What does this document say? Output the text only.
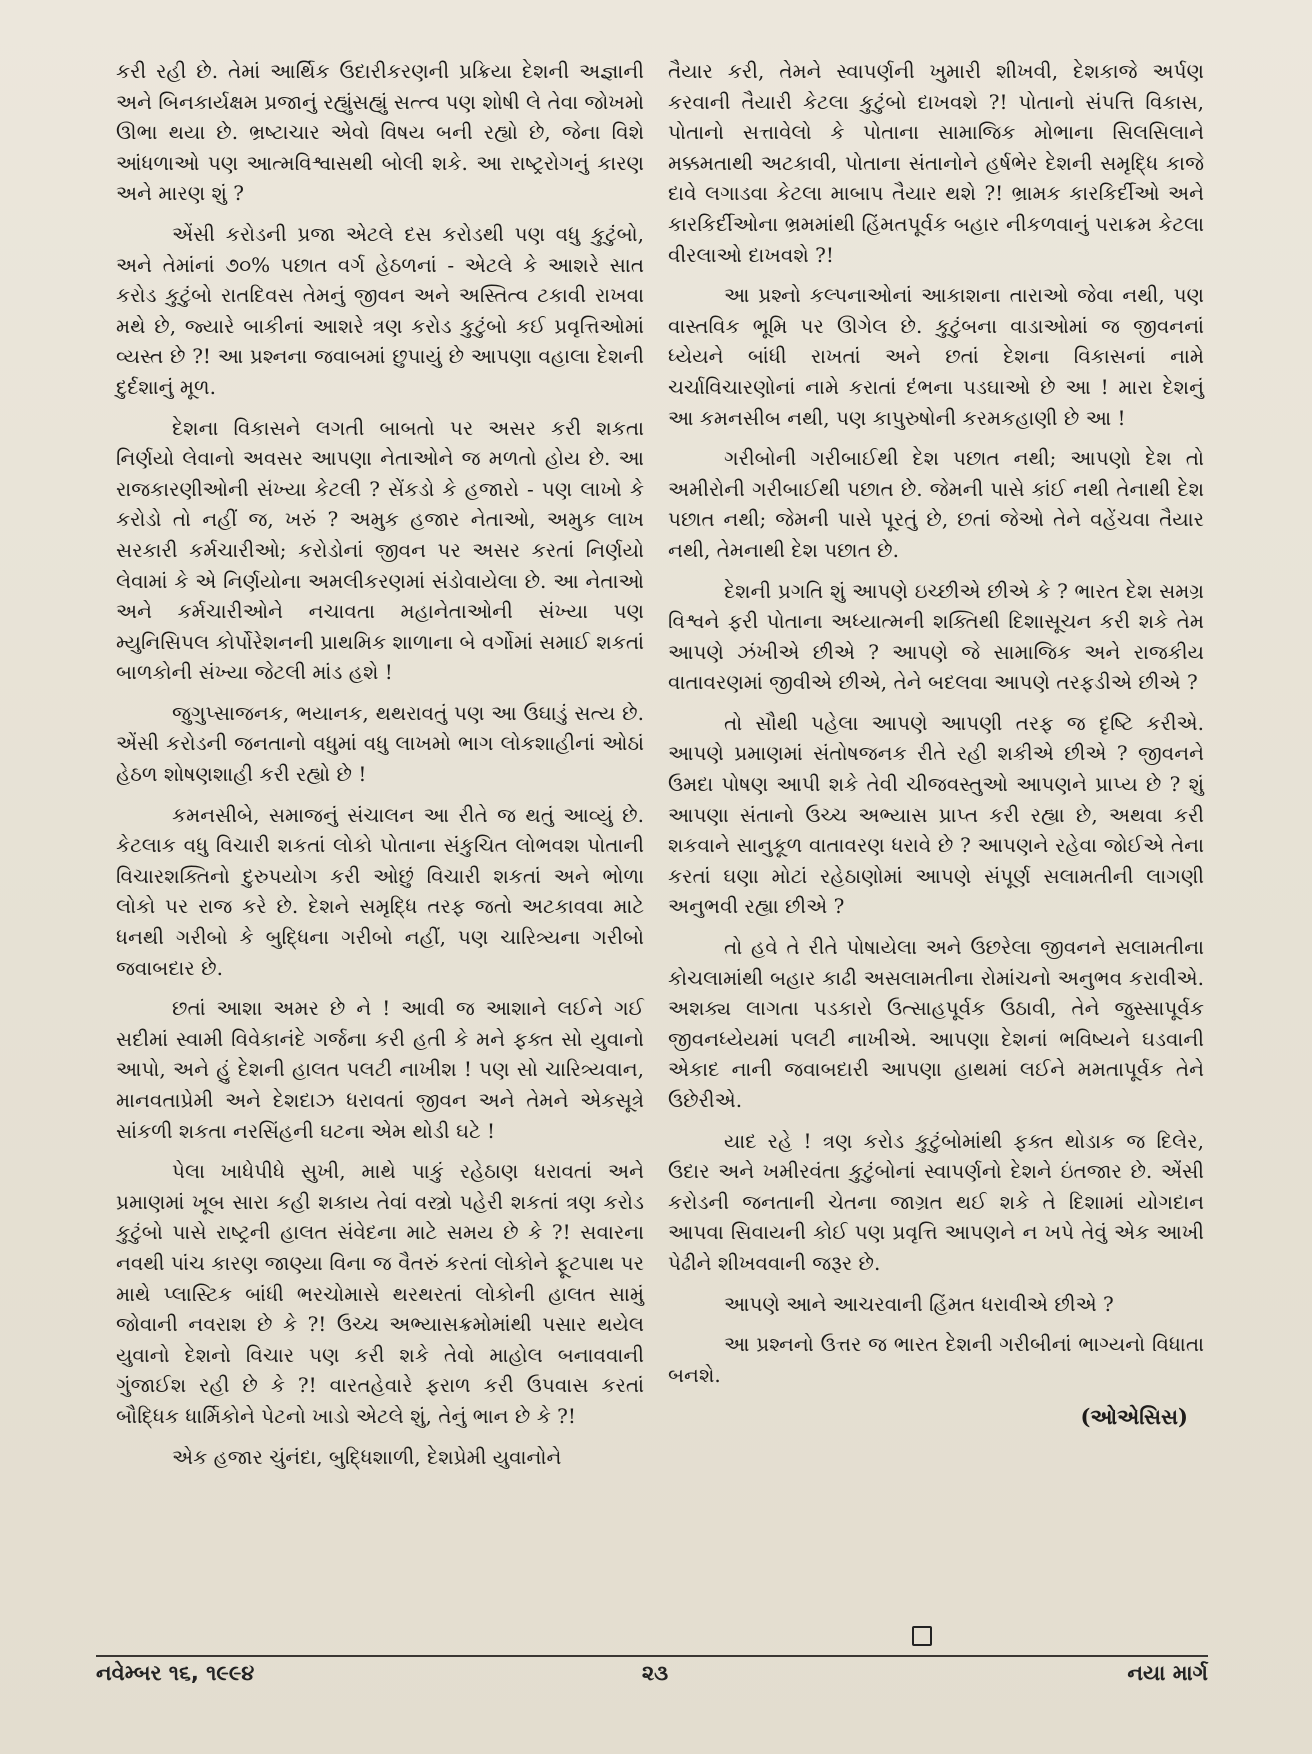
કરી રહી છે. તેમાં આર્થિક ઉદારીકરણની પ્રક્રિયા દેશની અજ્ઞાની અને બિનકાર્યક્ષમ પ્રજાનું રહ્યુંસહ્યું સત્ત્વ પણ શોષી લે તેવા જોખમો ઊભા થયા છે. ભ્રષ્ટાચાર એવો વિષય બની રહ્યો છે, જેના વિશે આંધળાઓ પણ આત્મવિશ્વાસથી બોલી શકે. આ રાષ્ટ્રરોગનું કારણ અને મારણ શું ?

એંસી કરોડની પ્રજા એટલે દસ કરોડથી પણ વધુ કુટુંબો, અને તેમાંનાં ૭૦% પછાત વર્ગ હેઠળનાં - એટલે કે આશરે સાત કરોડ કુટુંબો રાતદિવસ તેમનું જીવન અને અસ્તિત્વ ટકાવી રાખવા મથે છે, જ્યારે બાકીનાં આશરે ત્રણ કરોડ કુટુંબો કઈ પ્રવૃત્તિઓમાં વ્યસ્ત છે ?! આ પ્રશ્નના જવાબમાં છુપાયું છે આપણા વહાલા દેશની દુર્દશાનું મૂળ.

દેશના વિકાસને લગતી બાબતો પર અસર કરી શકતા નિર્ણયો લેવાનો અવસર આપણા નેતાઓને જ મળતો હોય છે. આ રાજકારણીઓની સંખ્યા કેટલી ? સેંકડો કે હજારો - પણ લાખો કે કરોડો તો નહીં જ, ખરું ? અમુક હજાર નેતાઓ, અમુક લાખ સરકારી કર્મચારીઓ; કરોડોનાં જીવન પર અસર કરતાં નિર્ણયો લેવામાં કે એ નિર્ણયોના અમલીકરણમાં સંડોવાયેલા છે. આ નેતાઓ અને કર્મચારીઓને નચાવતા મહાનેતાઓની સંખ્યા પણ મ્યુનિસિપલ કોર્પોરેશનની પ્રાથમિક શાળાના બે વર્ગોમાં સમાઈ શકતાં બાળકોની સંખ્યા જેટલી માંડ હશે !

જુગુપ્સાજનક, ભયાનક, થથરાવતું પણ આ ઉઘાડું સત્ય છે. એંસી કરોડની જનતાનો વધુમાં વધુ લાખમો ભાગ લોકશાહીનાં ઓઠાં હેઠળ શોષણશાહી કરી રહ્યો છે !

કમનસીબે, સમાજનું સંચાલન આ રીતે જ થતું આવ્યું છે. કેટલાક વધુ વિચારી શકતાં લોકો પોતાના સંકુચિત લોભવશ પોતાની વિચારશક્તિનો દુરુપયોગ કરી ઓછું વિચારી શકતાં અને ભોળા લોકો પર રાજ કરે છે. દેશને સમૃદ્ધિ તરફ જતો અટકાવવા માટે ધનથી ગરીબો કે બુદ્ધિના ગરીબો નહીં, પણ ચારિત્ર્યના ગરીબો જવાબદાર છે.

છતાં આશા અમર છે ને ! આવી જ આશાને લઈને ગઈ સદીમાં સ્વામી વિવેકાનંદે ગર્જના કરી હતી કે મને ફક્ત સો યુવાનો આપો, અને હું દેશની હાલત પલટી નાખીશ ! પણ સો ચારિત્ર્યવાન, માનવતાપ્રેમી અને દેશદાઝ ધરાવતાં જીવન અને તેમને એકસૂત્રે સાંકળી શકતા નરસિંહની ઘટના એમ થોડી ઘટે !

પેલા ખાધેપીધે સુખી, માથે પાકું રહેઠાણ ધરાવતાં અને પ્રમાણમાં ખૂબ સારા કહી શકાય તેવાં વસ્ત્રો પહેરી શકતાં ત્રણ કરોડ કુટુંબો પાસે રાષ્ટ્રની હાલત સંવેદના માટે સમય છે કે ?! સવારના નવથી પાંચ કારણ જાણ્યા વિના જ વૈતરું કરતાં લોકોને ફૂટપાથ પર માથે પ્લાસ્ટિક બાંધી ભરચોમાસે થરથરતાં લોકોની હાલત સામું જોવાની નવરાશ છે કે ?! ઉચ્ચ અભ્યાસક્રમોમાંથી પસાર થયેલ યુવાનો દેશનો વિચાર પણ કરી શકે તેવો માહોલ બનાવવાની ગુંજાઈશ રહી છે કે ?! વારતહેવારે ફરાળ કરી ઉપવાસ કરતાં બૌદ્ધિક ધાર્મિકોને પેટનો ખાડો એટલે શું, તેનું ભાન છે કે ?!

એક હજાર ચુંનંદા, બુદ્ધિશાળી, દેશપ્રેમી યુવાનોને

તૈયાર કરી, તેમને સ્વાપર્ણની ખુમારી શીખવી, દેશકાજે અર્પણ કરવાની તૈયારી કેટલા કુટુંબો દાખવશે ?! પોતાનો સંપત્તિ વિકાસ, પોતાનો સત્તાવેલો કે પોતાના સામાજિક મોભાના સિલસિલાને મક્કમતાથી અટકાવી, પોતાના સંતાનોને હર્ષભેર દેશની સમૃદ્ધિ કાજે દાવે લગાડવા કેટલા માબાપ તૈયાર થશે ?! ભ્રામક કારકિર્દીઓ અને કારકિર્દીઓના ભ્રમમાંથી હિંમતપૂર્વક બહાર નીકળવાનું પરાક્રમ કેટલા વીરલાઓ દાખવશે ?!

આ પ્રશ્નો કલ્પનાઓનાં આકાશના તારાઓ જેવા નથી, પણ વાસ્તવિક ભૂમિ પર ઊગેલ છે. કુટુંબના વાડાઓમાં જ જીવનનાં ધ્યેયને બાંધી રાખતાં અને છતાં દેશના વિકાસનાં નામે ચર્ચાવિચારણોનાં નામે કરાતાં દંભના પડઘાઓ છે આ ! મારા દેશનું આ કમનસીબ નથી, પણ કાપુરુષોની કરમકહાણી છે આ !

ગરીબોની ગરીબાઈથી દેશ પછાત નથી; આપણો દેશ તો અમીરોની ગરીબાઈથી પછાત છે. જેમની પાસે કાંઈ નથી તેનાથી દેશ પછાત નથી; જેમની પાસે પૂરતું છે, છતાં જેઓ તેને વહેંચવા તૈયાર નથી, તેમનાથી દેશ પછાત છે.

દેશની પ્રગતિ શું આપણે ઇચ્છીએ છીએ કે ? ભારત દેશ સમગ્ર વિશ્વને ફરી પોતાના અધ્યાત્મની શક્તિથી દિશાસૂચન કરી શકે તેમ આપણે ઝંખીએ છીએ ? આપણે જે સામાજિક અને રાજકીય વાતાવરણમાં જીવીએ છીએ, તેને બદલવા આપણે તરફડીએ છીએ ?

તો સૌથી પહેલા આપણે આપણી તરફ જ દૃષ્ટિ કરીએ. આપણે પ્રમાણમાં સંતોષજનક રીતે રહી શકીએ છીએ ? જીવનને ઉમદા પોષણ આપી શકે તેવી ચીજવસ્તુઓ આપણને પ્રાપ્ય છે ? શું આપણા સંતાનો ઉચ્ચ અભ્યાસ પ્રાપ્ત કરી રહ્યા છે, અથવા કરી શકવાને સાનુકૂળ વાતાવરણ ધરાવે છે ? આપણને રહેવા જોઈએ તેના કરતાં ઘણા મોટાં રહેઠાણોમાં આપણે સંપૂર્ણ સલામતીની લાગણી અનુભવી રહ્યા છીએ ?

તો હવે તે રીતે પોષાયેલા અને ઉછરેલા જીવનને સલામતીના કોચલામાંથી બહાર કાઢી અસલામતીના રોમાંચનો અનુભવ કરાવીએ. અશક્ય લાગતા પડકારો ઉત્સાહપૂર્વક ઉઠાવી, તેને જુસ્સાપૂર્વક જીવનધ્યેયમાં પલટી નાખીએ. આપણા દેશનાં ભવિષ્યને ઘડવાની એકાદ નાની જવાબદારી આપણા હાથમાં લઈને મમતાપૂર્વક તેને ઉછેરીએ.

યાદ રહે ! ત્રણ કરોડ કુટુંબોમાંથી ફક્ત થોડાક જ દિલેર, ઉદાર અને ખમીરવંતા કુટુંબોનાં સ્વાપર્ણનો દેશને ઇંતજાર છે. એંસી કરોડની જનતાની ચેતના જાગ્રત થઈ શકે તે દિશામાં યોગદાન આપવા સિવાયની કોઈ પણ પ્રવૃત્તિ આપણને ન ખપે તેવું એક આખી પેઢીને શીખવવાની જરૂર છે.

આપણે આને આચરવાની હિંમત ધરાવીએ છીએ ?

આ પ્રશ્નનો ઉત્તર જ ભારત દેશની ગરીબીનાં ભાગ્યનો વિધાતા બનશે.

(ઓએસિસ)
નવેમ્બર ૧૬, ૧૯૯૪	૨૩	નયા માર્ગ
